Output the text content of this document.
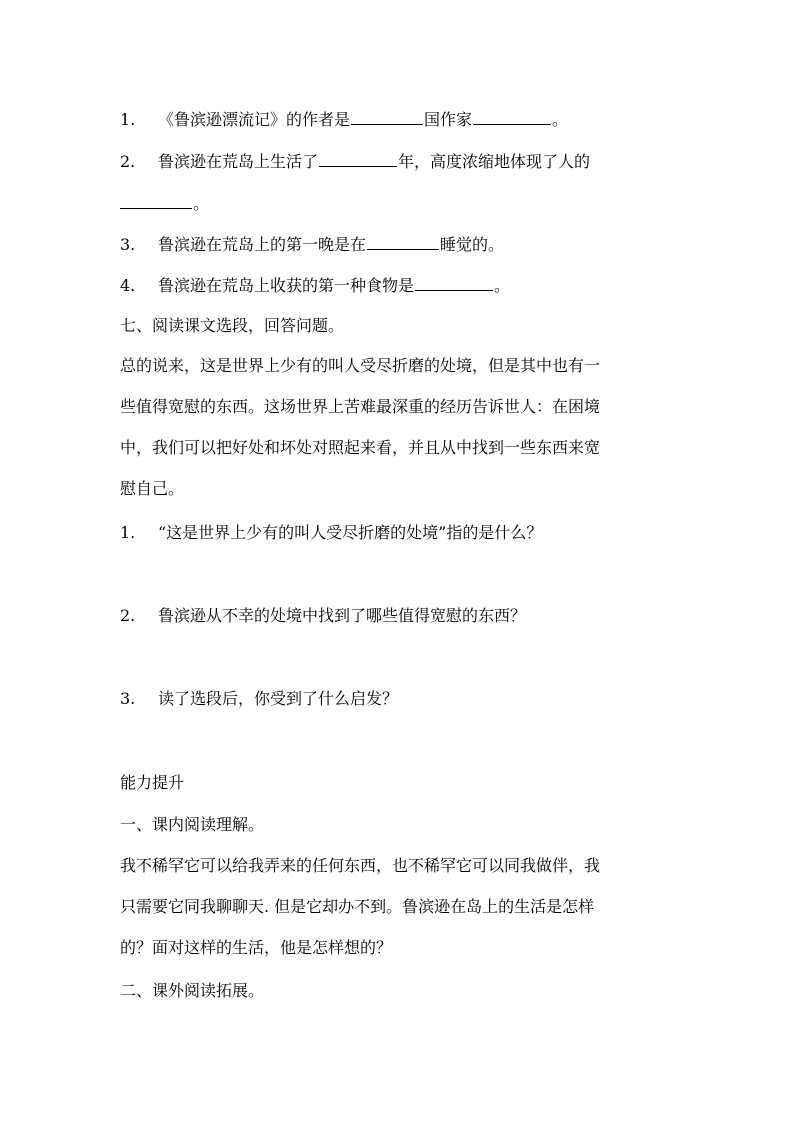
1. 《鲁滨逊漂流记》的作者是	国作家	。
2. 鲁滨逊在荒岛上生活了	年，高度浓缩地体现了人的
。
3. 鲁滨逊在荒岛上的第一晚是在	睡觉的。
4. 鲁滨逊在荒岛上收获的第一种食物是	。
七、阅读课文选段，回答问题。
总的说来，这是世界上少有的叫人受尽折磨的处境，但是其中也有一
些值得宽慰的东西。这场世界上苦难最深重的经历告诉世人：在困境
中，我们可以把好处和坏处对照起来看，并且从中找到一些东西来宽
慰自己。
1. “这是世界上少有的叫人受尽折磨的处境”指的是什么？
2. 鲁滨逊从不幸的处境中找到了哪些值得宽慰的东西？
3. 读了选段后，你受到了什么启发？
能力提升
一、课内阅读理解。
我不稀罕它可以给我弄来的任何东西，也不稀罕它可以同我做伴，我
只需要它同我聊聊天. 但是它却办不到。鲁滨逊在岛上的生活是怎样
的？面对这样的生活，他是怎样想的？
二、课外阅读拓展。
